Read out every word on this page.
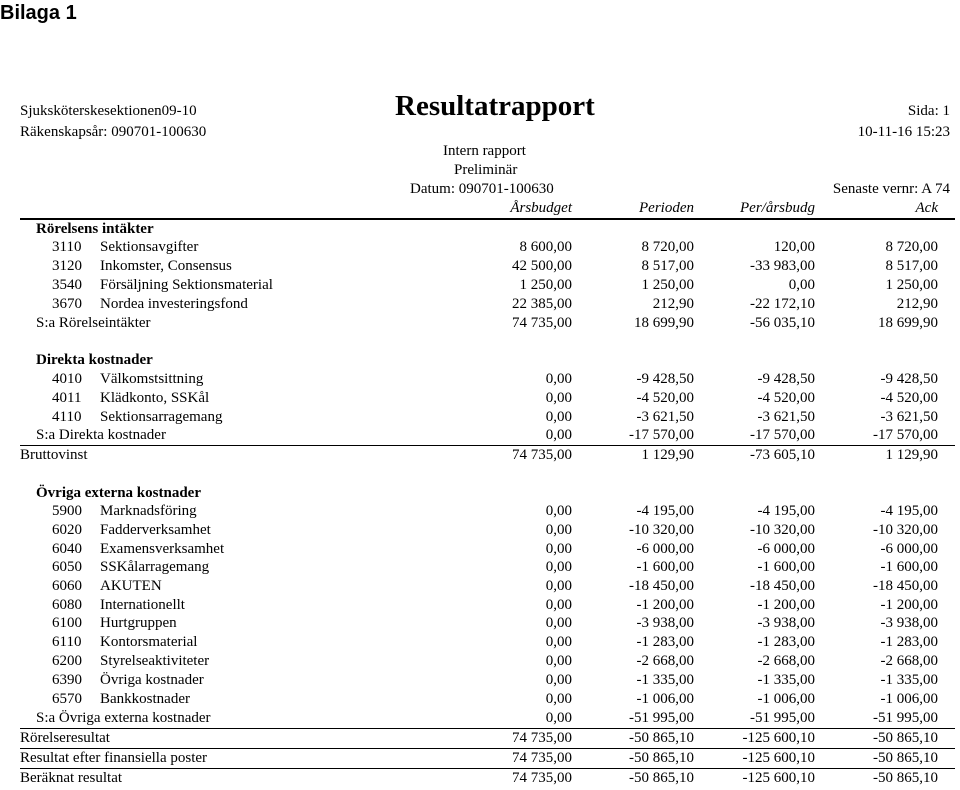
Bilaga 1
Sjuksköterskesektionen09-10
Räkenskapsår: 090701-100630
Resultatrapport	Sida: 1
10-11-16 15:23
Intern rapport
Preliminär
Datum: 090701-100630	Senaste vernr: A 74
Årsbudget	Perioden	Per/årsbudg	Ack
Rörelsens intäkter
3110 Sektionsavgifter	8 600,00	8 720,00	120,00	8 720,00
3120 Inkomster, Consensus	42 500,00	8 517,00	-33 983,00	8 517,00
3540 Försäljning Sektionsmaterial	1 250,00	1 250,00	0,00	1 250,00
3670 Nordea investeringsfond	22 385,00	212,90	-22 172,10	212,90
S:a Rörelseintäkter	74 735,00	18 699,90	-56 035,10	18 699,90
Direkta kostnader
4010 Välkomstsittning	0,00	-9 428,50	-9 428,50	-9 428,50
4011 Klädkonto, SSKål	0,00	-4 520,00	-4 520,00	-4 520,00
4110 Sektionsarragemang	0,00	-3 621,50	-3 621,50	-3 621,50
S:a Direkta kostnader	0,00	-17 570,00	-17 570,00	-17 570,00
Bruttovinst	74 735,00	1 129,90	-73 605,10	1 129,90
Övriga externa kostnader
5900 Marknadsföring	0,00	-4 195,00	-4 195,00	-4 195,00
6020 Fadderverksamhet	0,00	-10 320,00	-10 320,00	-10 320,00
6040 Examensverksamhet	0,00	-6 000,00	-6 000,00	-6 000,00
6050 SSKålarragemang	0,00	-1 600,00	-1 600,00	-1 600,00
6060 AKUTEN	0,00	-18 450,00	-18 450,00	-18 450,00
6080 Internationellt	0,00	-1 200,00	-1 200,00	-1 200,00
6100 Hurtgruppen	0,00	-3 938,00	-3 938,00	-3 938,00
6110 Kontorsmaterial	0,00	-1 283,00	-1 283,00	-1 283,00
6200 Styrelseaktiviteter	0,00	-2 668,00	-2 668,00	-2 668,00
6390 Övriga kostnader	0,00	-1 335,00	-1 335,00	-1 335,00
6570 Bankkostnader	0,00	-1 006,00	-1 006,00	-1 006,00
S:a Övriga externa kostnader	0,00	-51 995,00	-51 995,00	-51 995,00
Rörelseresultat	74 735,00	-50 865,10	-125 600,10	-50 865,10
Resultat efter finansiella poster	74 735,00	-50 865,10	-125 600,10	-50 865,10
Beräknat resultat	74 735,00	-50 865,10	-125 600,10	-50 865,10
